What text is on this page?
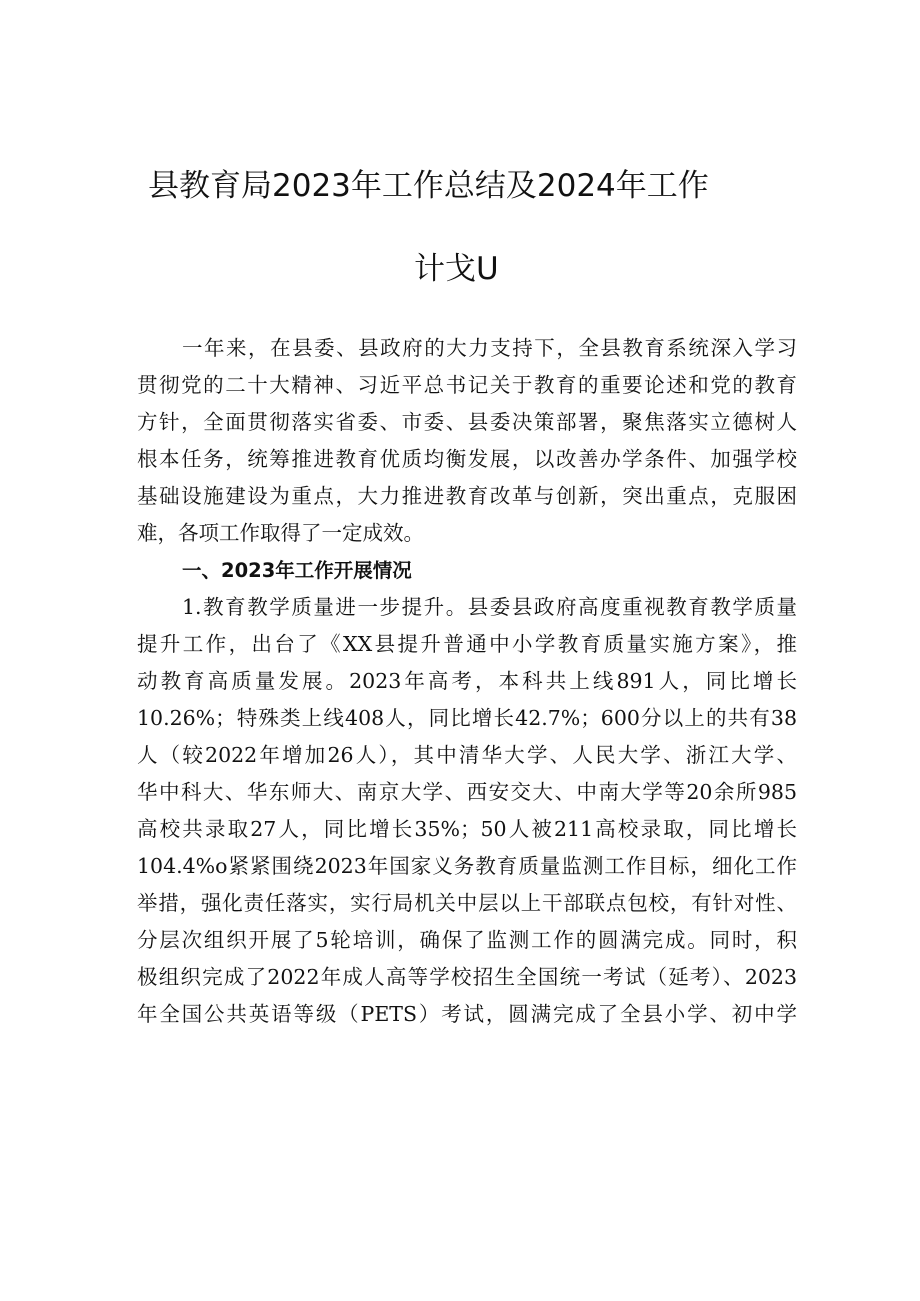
县教育局2023年工作总结及2024年工作
计戈U
一年来，在县委、县政府的大力支持下，全县教育系统深入学习
贯彻党的二十大精神、习近平总书记关于教育的重要论述和党的教育
方针，全面贯彻落实省委、市委、县委决策部署，聚焦落实立德树人
根本任务，统筹推进教育优质均衡发展，以改善办学条件、加强学校
基础设施建设为重点，大力推进教育改革与创新，突出重点，克服困
难，各项工作取得了一定成效。
一、2023年工作开展情况
1.教育教学质量进一步提升。县委县政府高度重视教育教学质量
提升工作，出台了《XX县提升普通中小学教育质量实施方案》，推
动教育高质量发展。2023年高考，本科共上线891人，同比增长
10.26%；特殊类上线408人，同比增长42.7%；600分以上的共有38
人（较2022年增加26人），其中清华大学、人民大学、浙江大学、
华中科大、华东师大、南京大学、西安交大、中南大学等20余所985
高校共录取27人，同比增长35%；50人被211高校录取，同比增长
104.4%o紧紧围绕2023年国家义务教育质量监测工作目标，细化工作
举措，强化责任落实，实行局机关中层以上干部联点包校，有针对性、
分层次组织开展了5轮培训，确保了监测工作的圆满完成。同时，积
极组织完成了2022年成人高等学校招生全国统一考试（延考）、2023
年全国公共英语等级（PETS）考试，圆满完成了全县小学、初中学
